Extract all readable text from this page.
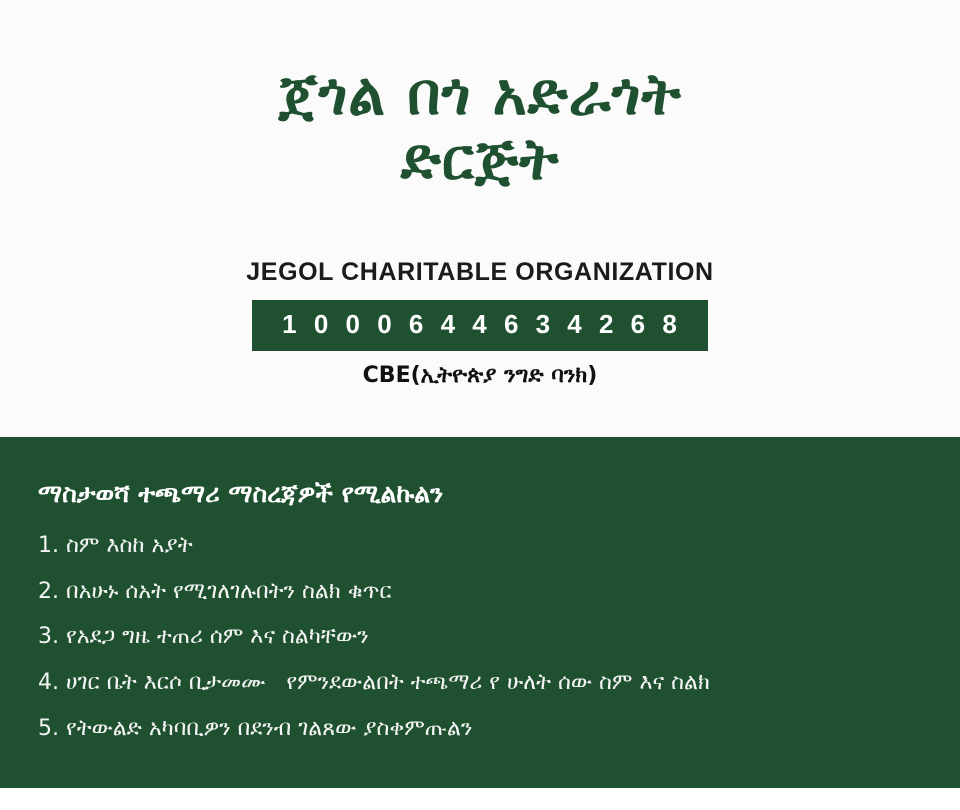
ጀጎል በጎ አድራጎት
ድርጅት
JEGOL CHARITABLE ORGANIZATION
1 0 0 0 6 4 4 6 3 4 2 6 8
CBE(ኢትዮጵያ ንግድ ባንክ)
ማስታወሻ ተጫማሪ ማስረጃዎች የሚልኩልን
1. ስም እስከ አያት
2. በአሁኑ ሰአት የሚገለገሉበትን ስልክ ቁጥር
3. የአደጋ ግዜ ተጠሪ ሰም እና ስልካቸውን
4. ሀገር ቤት እርሶ ቢታመሙ   የምንደውልበት ተጫማሪ የ ሁለት ሰው ስም እና ስልክ
5. የትውልድ አካባቢዎን በደንብ ገልጸው ያስቀምጡልን
